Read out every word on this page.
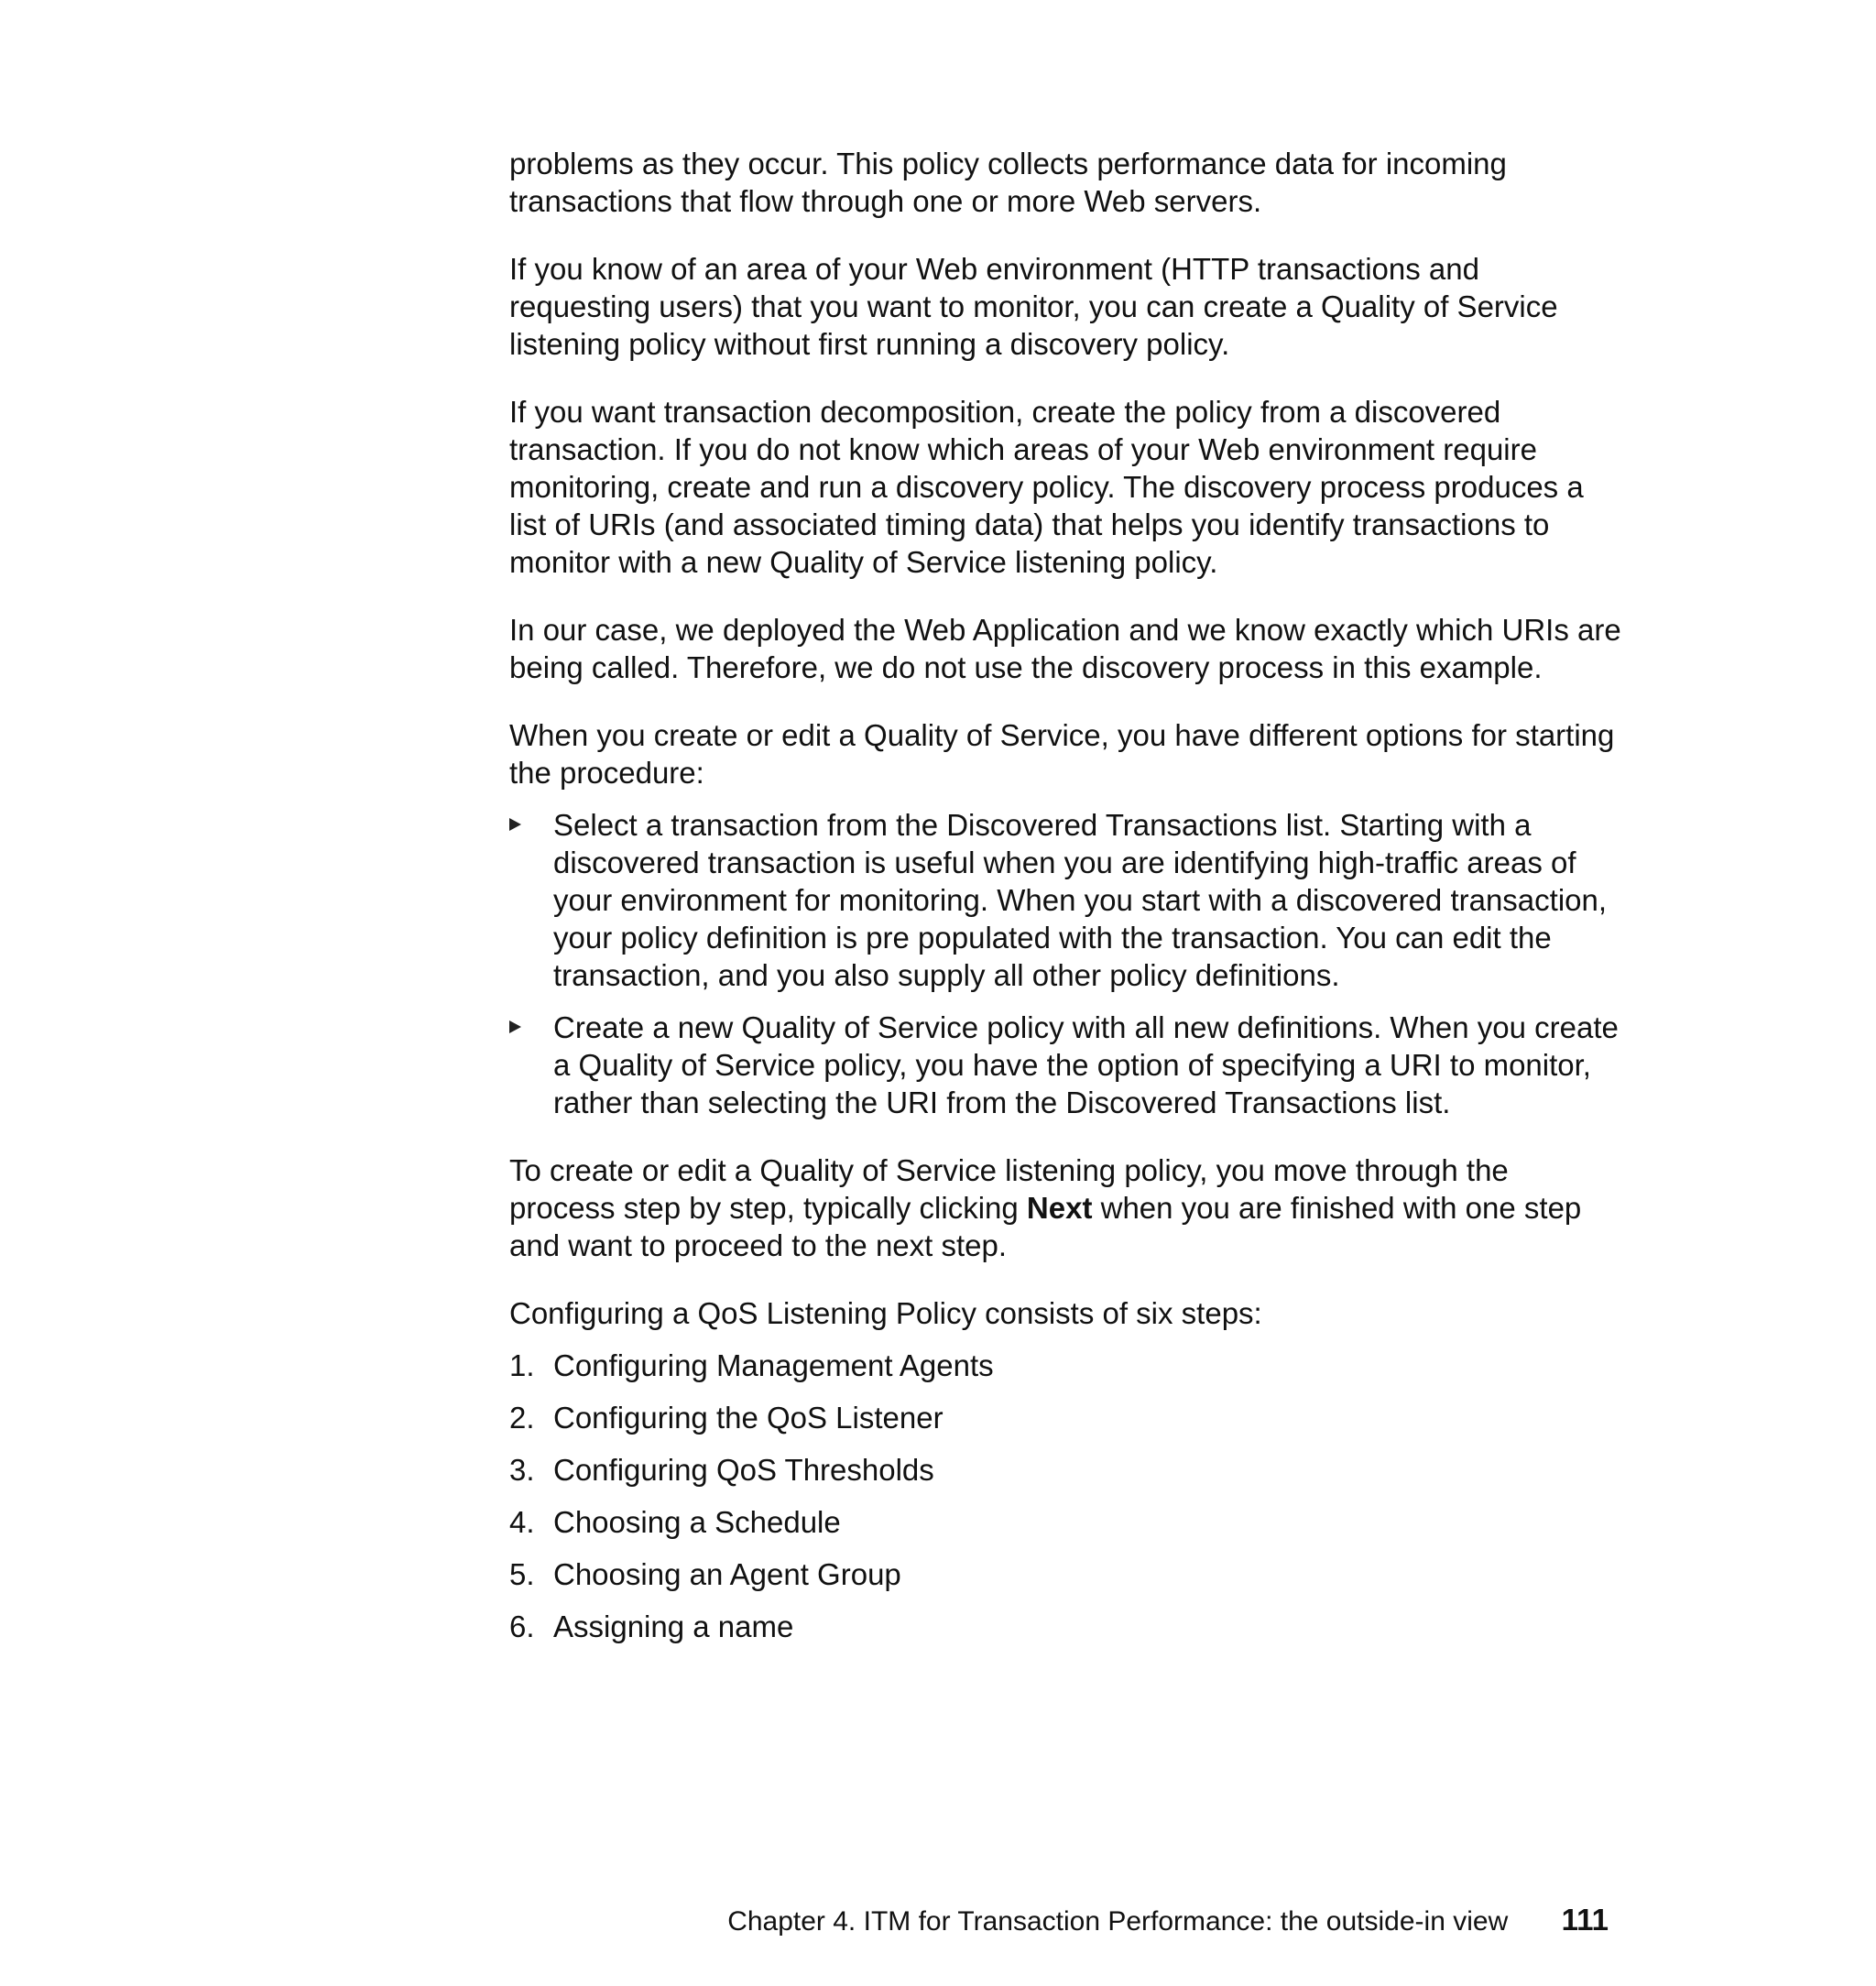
problems as they occur. This policy collects performance data for incoming transactions that flow through one or more Web servers.

If you know of an area of your Web environment (HTTP transactions and requesting users) that you want to monitor, you can create a Quality of Service listening policy without first running a discovery policy.

If you want transaction decomposition, create the policy from a discovered transaction. If you do not know which areas of your Web environment require monitoring, create and run a discovery policy. The discovery process produces a list of URIs (and associated timing data) that helps you identify transactions to monitor with a new Quality of Service listening policy.

In our case, we deployed the Web Application and we know exactly which URIs are being called. Therefore, we do not use the discovery process in this example.

When you create or edit a Quality of Service, you have different options for starting the procedure:

Select a transaction from the Discovered Transactions list. Starting with a discovered transaction is useful when you are identifying high-traffic areas of your environment for monitoring. When you start with a discovered transaction, your policy definition is pre populated with the transaction. You can edit the transaction, and you also supply all other policy definitions.
Create a new Quality of Service policy with all new definitions. When you create a Quality of Service policy, you have the option of specifying a URI to monitor, rather than selecting the URI from the Discovered Transactions list.

To create or edit a Quality of Service listening policy, you move through the process step by step, typically clicking Next when you are finished with one step and want to proceed to the next step.

Configuring a QoS Listening Policy consists of six steps:

1. Configuring Management Agents
2. Configuring the QoS Listener
3. Configuring QoS Thresholds
4. Choosing a Schedule
5. Choosing an Agent Group
6. Assigning a name
Chapter 4. ITM for Transaction Performance: the outside-in view 111
